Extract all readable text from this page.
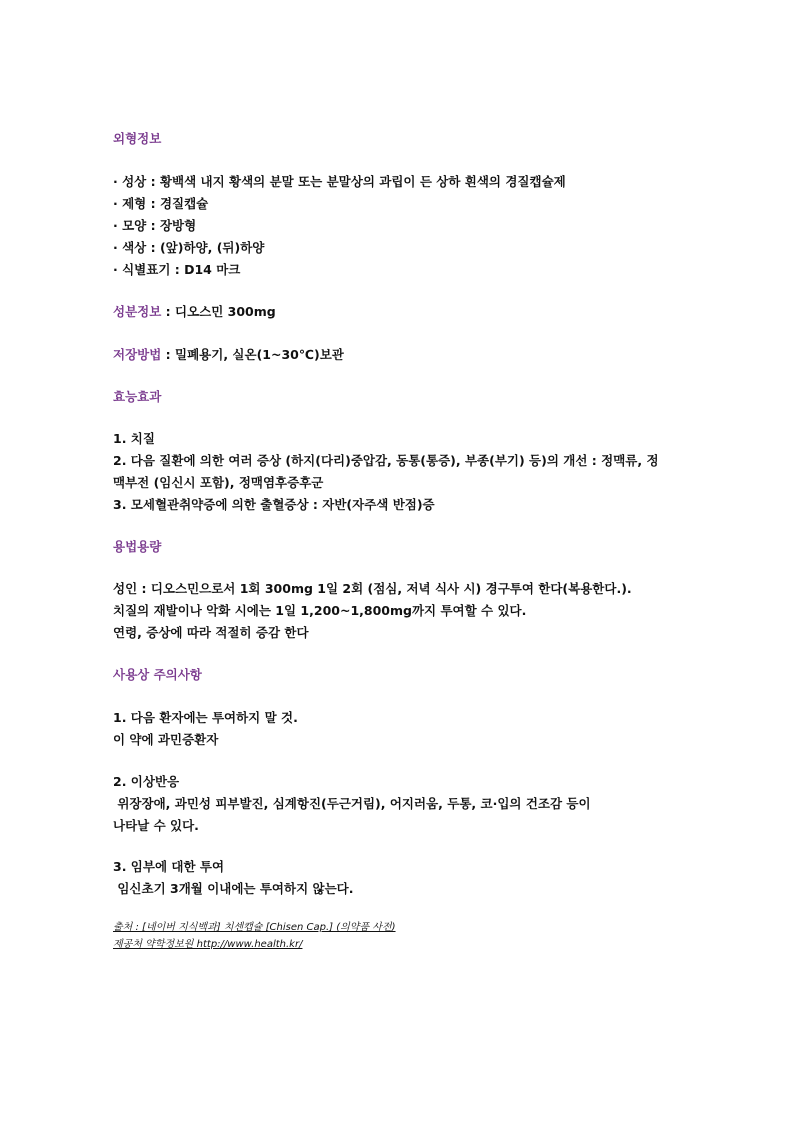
외형정보
· 성상 : 황백색 내지 황색의 분말 또는 분말상의 과립이 든 상하 흰색의 경질캡슐제
· 제형 : 경질캡슐
· 모양 : 장방형
· 색상 : (앞)하양, (뒤)하양
· 식별표기 : D14 마크
성분정보 : 디오스민 300mg
저장방법 : 밀폐용기, 실온(1~30℃)보관
효능효과
1. 치질
2. 다음 질환에 의한 여러 증상 (하지(다리)중압감, 동통(통증), 부종(부기) 등)의 개선 : 정맥류, 정
맥부전 (임신시 포함), 정맥염후증후군
3. 모세혈관취약증에 의한 출혈증상 : 자반(자주색 반점)증
용법용량
성인 : 디오스민으로서 1회 300mg 1일 2회 (점심, 저녁 식사 시) 경구투여 한다(복용한다.).
치질의 재발이나 악화 시에는 1일 1,200~1,800mg까지 투여할 수 있다.
연령, 증상에 따라 적절히 증감 한다
사용상 주의사항
1. 다음 환자에는 투여하지 말 것.
이 약에 과민증환자
2. 이상반응
위장장애, 과민성 피부발진, 심계항진(두근거림), 어지러움, 두통, 코·입의 건조감 등이
나타날 수 있다.
3. 임부에 대한 투여
임신초기 3개월 이내에는 투여하지 않는다.
출처 : [네이버 지식백과] 치센캡슐 [Chisen Cap.] (의약품 사전)
제공처 약학정보원 http://www.health.kr/
